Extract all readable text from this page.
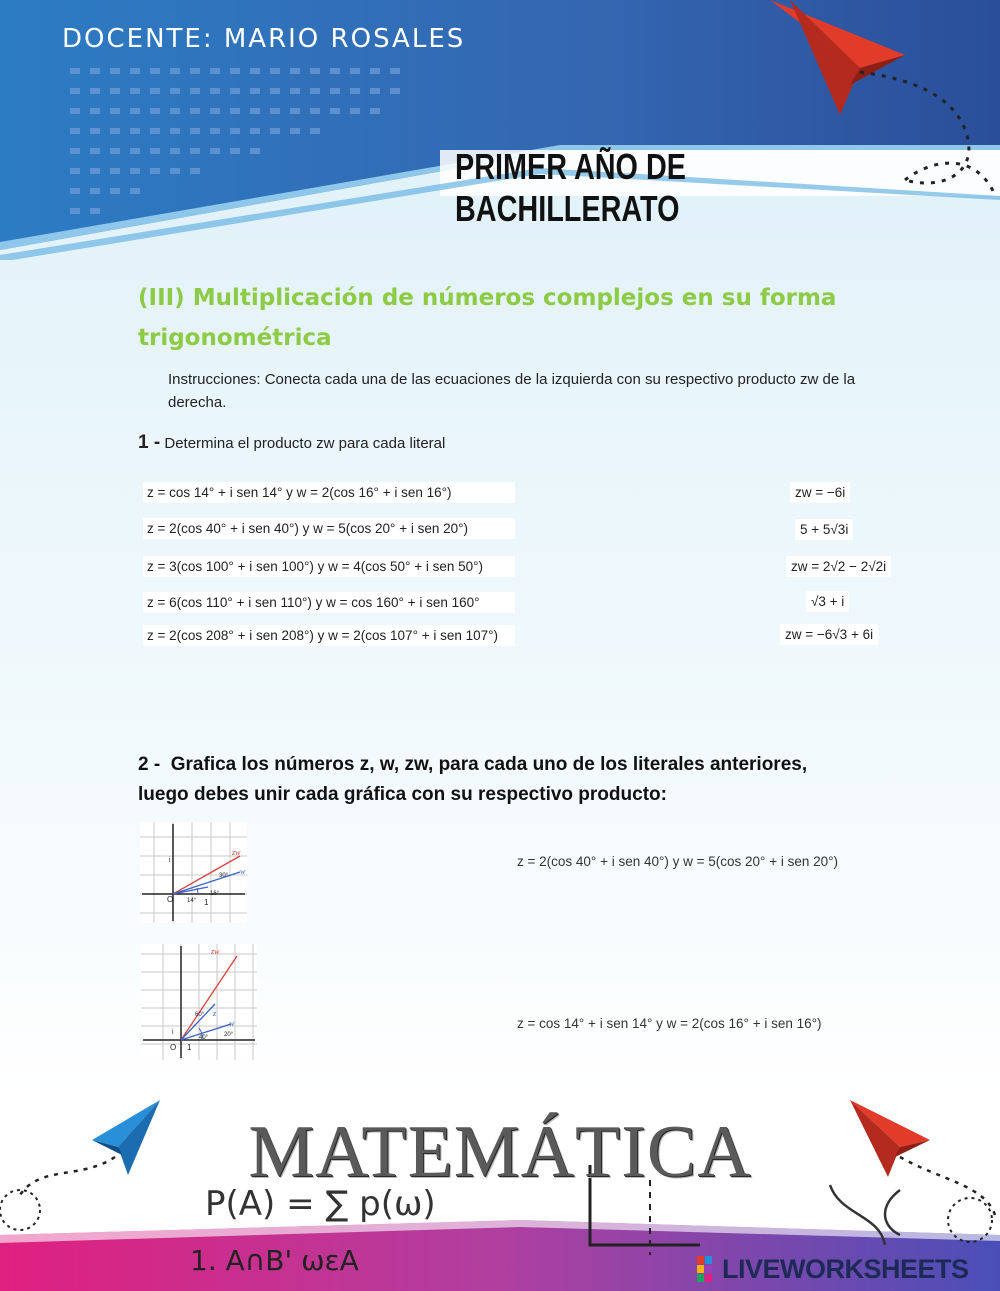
DOCENTE: MARIO ROSALES
PRIMER AÑO DE BACHILLERATO
(III) Multiplicación de números complejos en su forma trigonométrica
Instrucciones: Conecta cada una de las ecuaciones de la izquierda con su respectivo producto zw de la derecha.
1 - Determina el producto zw para cada literal
z = cos 14° + i sen 14° y w = 2(cos 16° + i sen 16°)
z = 2(cos 40° + i sen 40°) y w = 5(cos 20° + i sen 20°)
z = 3(cos 100° + i sen 100°) y w = 4(cos 50° + i sen 50°)
z = 6(cos 110° + i sen 110°) y w = cos 160° + i sen 160°
z = 2(cos 208° + i sen 208°) y w = 2(cos 107° + i sen 107°)
zw = −6i
5 + 5√3i
zw = 2√2 − 2√2i
√3 + i
zw = −6√3 + 6i
2 - Grafica los números z, w, zw, para cada uno de los literales anteriores, luego debes unir cada gráfica con su respectivo producto:
zw
w
O	1
i
14°
16°
30°
z = 2(cos 40° + i sen 40°) y w = 5(cos 20° + i sen 20°)
zw
z
w
O 1
i
40°	20°
60°
z = cos 14° + i sen 14° y w = 2(cos 16° + i sen 16°)
P(A) = ∑ p(ω)
1. A∩B' ωεA
MATEMÁTICA
LIVEWORKSHEETS
